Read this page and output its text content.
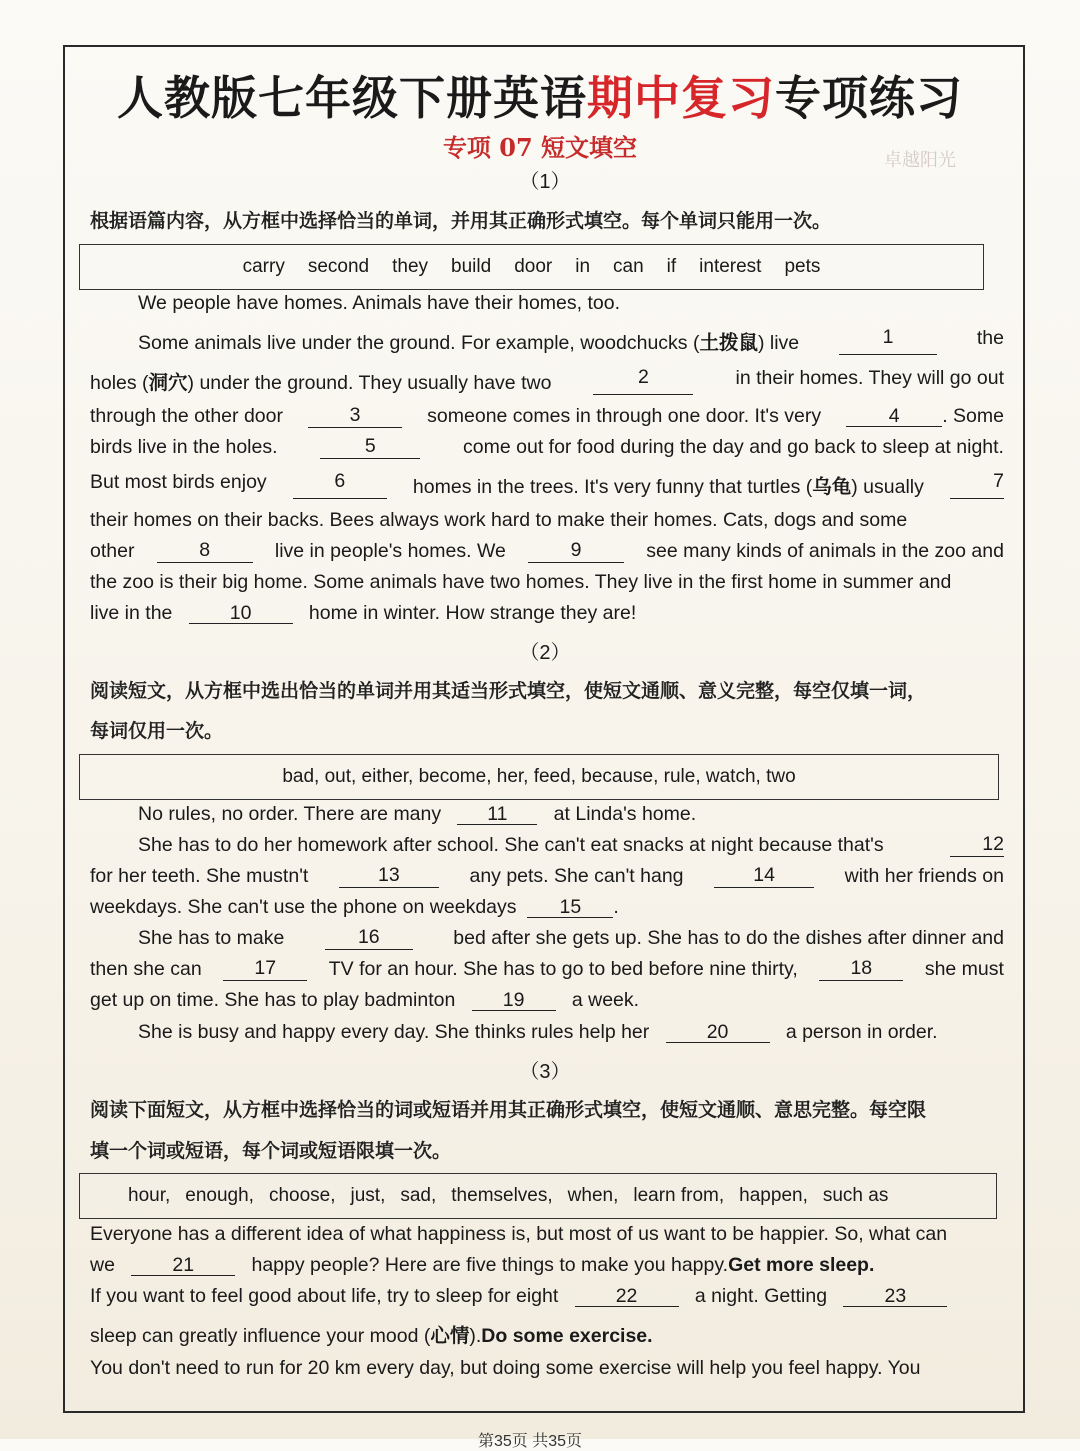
人教版七年级下册英语期中复习专项练习
专项 07 短文填空	卓越阳光
（1）
根据语篇内容，从方框中选择恰当的单词，并用其正确形式填空。每个单词只能用一次。
carry second they build door in can if interest pets
We people have homes. Animals have their homes, too.
Some animals live under the ground. For example, woodchucks (土拨鼠) live	1	the
holes (洞穴) under the ground. They usually have two	2	in their homes. They will go out
through the other door	3	someone comes in through one door. It's very	4 . Some
birds live in the holes.	5	come out for food during the day and go back to sleep at night.
But most birds enjoy	6	homes in the trees. It's very funny that turtles (乌龟) usually	7
their homes on their backs. Bees always work hard to make their homes. Cats, dogs and some
other	8	live in people's homes. We	9	see many kinds of animals in the zoo and
the zoo is their big home. Some animals have two homes. They live in the first home in summer and
live in the	10	home in winter. How strange they are!
（2）
阅读短文，从方框中选出恰当的单词并用其适当形式填空，使短文通顺、意义完整，每空仅填一词，
每词仅用一次。
bad, out, either, become, her, feed, because, rule, watch, two
No rules, no order. There are many 11 at Linda's home.
She has to do her homework after school. She can't eat snacks at night because that's	12
for her teeth. She mustn't	13	any pets. She can't hang	14	with her friends on
weekdays. She can't use the phone on weekdays 15 .
She has to make	16	bed after she gets up. She has to do the dishes after dinner and
then she can	17	TV for an hour. She has to go to bed before nine thirty,	18	she must
get up on time. She has to play badminton 19 a week.
She is busy and happy every day. She thinks rules help her	20	a person in order.
（3）
阅读下面短文，从方框中选择恰当的词或短语并用其正确形式填空，使短文通顺、意思完整。每空限
填一个词或短语，每个词或短语限填一次。
hour, enough, choose, just, sad, themselves, when, learn from, happen, such as
Everyone has a different idea of what happiness is, but most of us want to be happier. So, what can
we	21	happy people? Here are five things to make you happy.Get more sleep.
If you want to feel good about life, try to sleep for eight	22	a night. Getting	23
sleep can greatly influence your mood (心情).Do some exercise.
You don't need to run for 20 km every day, but doing some exercise will help you feel happy. You
第35页 共35页
